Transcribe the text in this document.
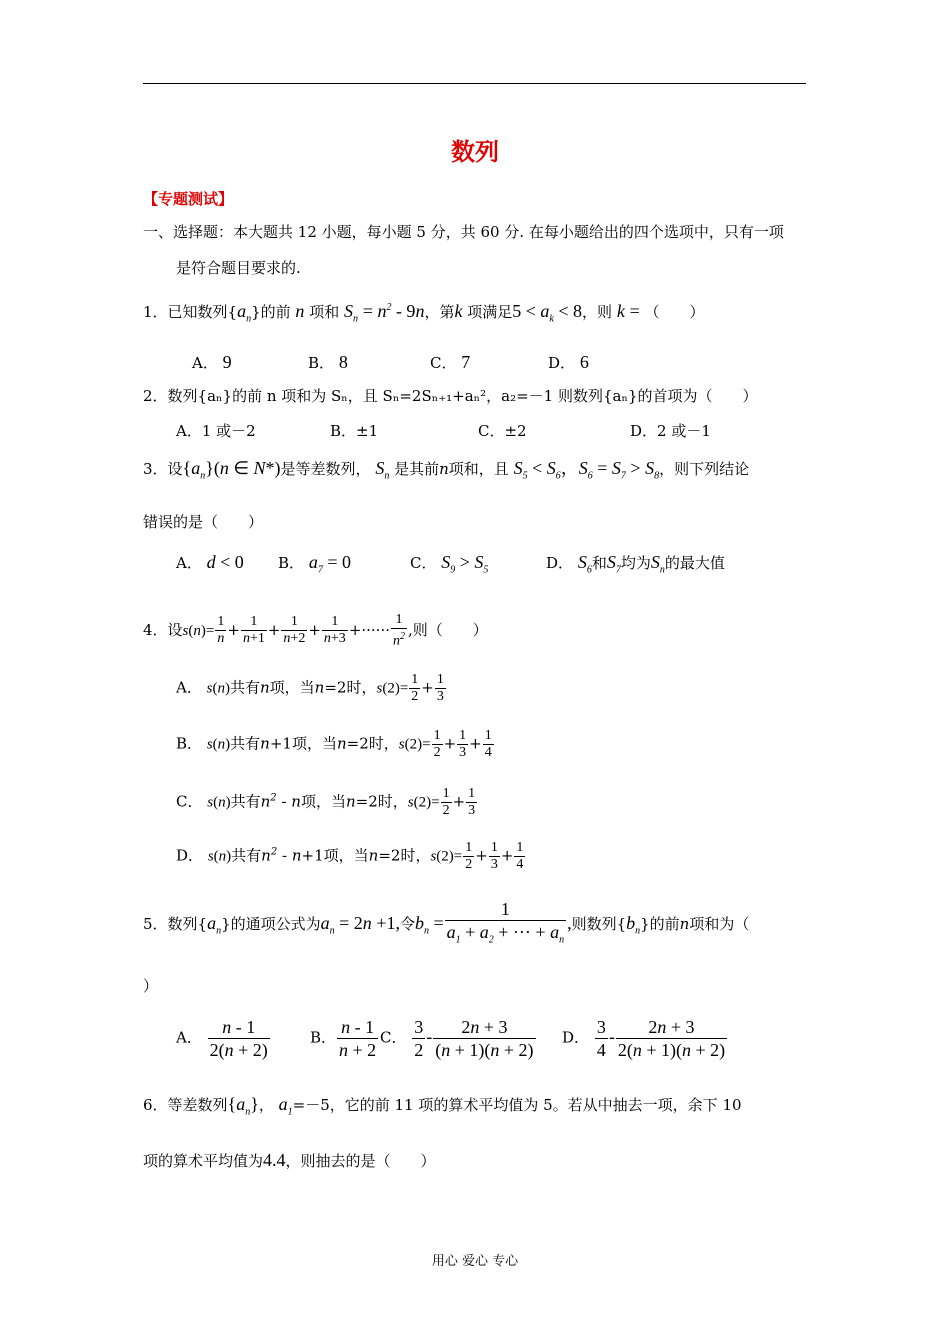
数列
【专题测试】
一、选择题：本大题共 12 小题，每小题 5 分，共 60 分. 在每小题给出的四个选项中，只有一项
是符合题目要求的.
1．已知数列$\{a_n\}$的前 n 项和 $S_n = n^2 - 9n$，第k 项满足$5 < a_k < 8$，则 k = （　　）
A． 9	B． 8	C． 7	D． 6
2．数列{aₙ}的前 n 项和为 Sₙ，且 Sₙ=2Sₙ₊₁+aₙ²，a₂=－1 则数列{aₙ}的首项为（　　）
A．1 或－2	B．±1	C．±2	D．2 或－1
3．设$\{a_n\}(n$ ∈ N*)是等差数列， $S_n$ 是其前n项和，且 $S_5 < S_6$，$S_6 = S_7 > S_8$，则下列结论
错误的是（　　）
A． d < 0 B． $a_7 = 0$	C． $S_9 > S_5$	D． $S_6$和$S_7$均为$S_n$的最大值
4．设$s(n)= \frac{1}{n} + \frac{1}{n+1} + \frac{1}{n+2} + \frac{1}{n+3}$ +······ $\frac{1}{n^2}$ ,则（　　）
A． s(n)共有n项，当n=2时，$s(2)= \frac{1}{2} + \frac{1}{3}$
B． s(n)共有n+1项，当n=2时，$s(2)= \frac{1}{2} + \frac{1}{3} + \frac{1}{4}$
C． s(n)共有$n^2$ - n项，当n=2时，$s(2)= \frac{1}{2} + \frac{1}{3}$
D． s(n)共有$n^2 - n+1$项，当n=2时，$s(2)= \frac{1}{2} + \frac{1}{3} + \frac{1}{4}$
5．数列$\{a_n\}$的通项公式为$a_n = 2n +1$,令$b_n = \frac{1}{a_1 + a_2 + \cdot\cdot\cdot + a_n}$ ,则数列$\{b_n\}$的前n项和为（
）
A． $\frac{n - 1}{2(n + 2)}$	B． $\frac{n - 1}{n + 2}$ C． $\frac{3}{2} - \frac{2n + 3}{(n + 1)(n + 2)}$ D． $\frac{3}{4} - \frac{2n + 3}{2(n + 1)(n + 2)}$
6．等差数列$\{a_n\}$， $a_1=-5$，它的前 11 项的算术平均值为 5。若从中抽去一项，余下 10
项的算术平均值为4.4，则抽去的是（　　）
用心 爱心 专心
